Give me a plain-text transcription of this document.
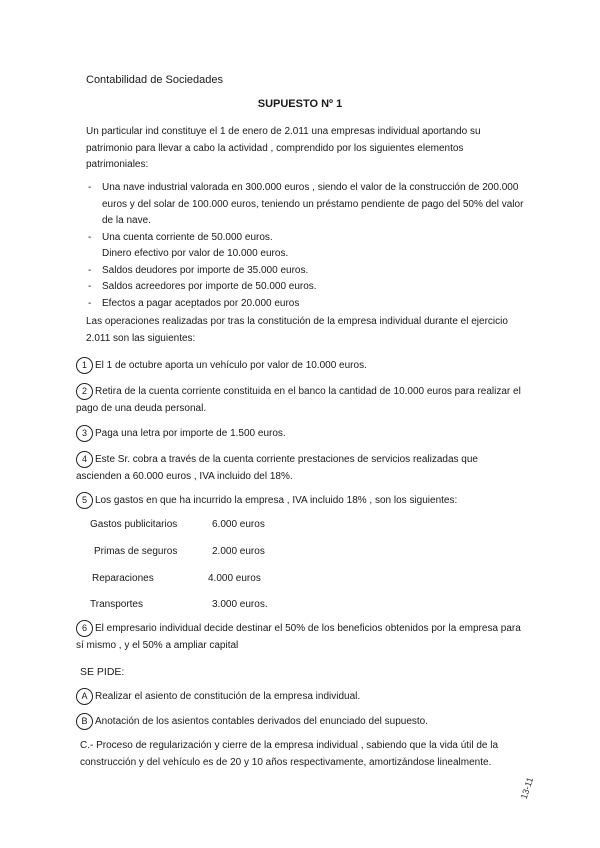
Contabilidad de Sociedades
SUPUESTO Nº 1
Un particular ind constituye el 1 de enero de 2.011 una empresas individual aportando su patrimonio para llevar a cabo la actividad , comprendido por los siguientes elementos patrimoniales:
- Una nave industrial valorada en 300.000 euros , siendo el valor de la construcción de 200.000 euros y del solar de 100.000 euros, teniendo un préstamo pendiente de pago del 50% del valor de la nave.
- Una cuenta corriente de 50.000 euros.
Dinero efectivo por valor de 10.000 euros.
- Saldos deudores por importe de 35.000 euros.
- Saldos acreedores por importe de 50.000 euros.
- Efectos a pagar aceptados por 20.000 euros
Las operaciones realizadas por tras la constitución de la empresa individual durante el ejercicio 2.011 son las siguientes:
1 El 1 de octubre aporta un vehículo por valor de 10.000 euros.
2 Retira de la cuenta corriente constituida en el banco la cantidad de 10.000 euros para realizar el pago de una deuda personal.
3 Paga una letra por importe de 1.500 euros.
4 Este Sr. cobra a través de la cuenta corriente prestaciones de servicios realizadas que ascienden a 60.000 euros , IVA incluido del 18%.
5 Los gastos en que ha incurrido la empresa , IVA incluido 18% , son los siguientes:
Gastos publicitarios	6.000 euros
Primas de seguros	2.000 euros
Reparaciones	4.000 euros
Transportes	3.000 euros.
6 El empresario individual decide destinar el 50% de los beneficios obtenidos por la empresa para sí mismo , y el 50% a ampliar capital
SE PIDE:
A Realizar el asiento de constitución de la empresa individual.
B Anotación de los asientos contables derivados del enunciado del supuesto.
C.- Proceso de regularización y cierre de la empresa individual , sabiendo que la vida útil de la construcción y del vehículo es de 20 y 10 años respectivamente, amortizándose linealmente.
13-11
